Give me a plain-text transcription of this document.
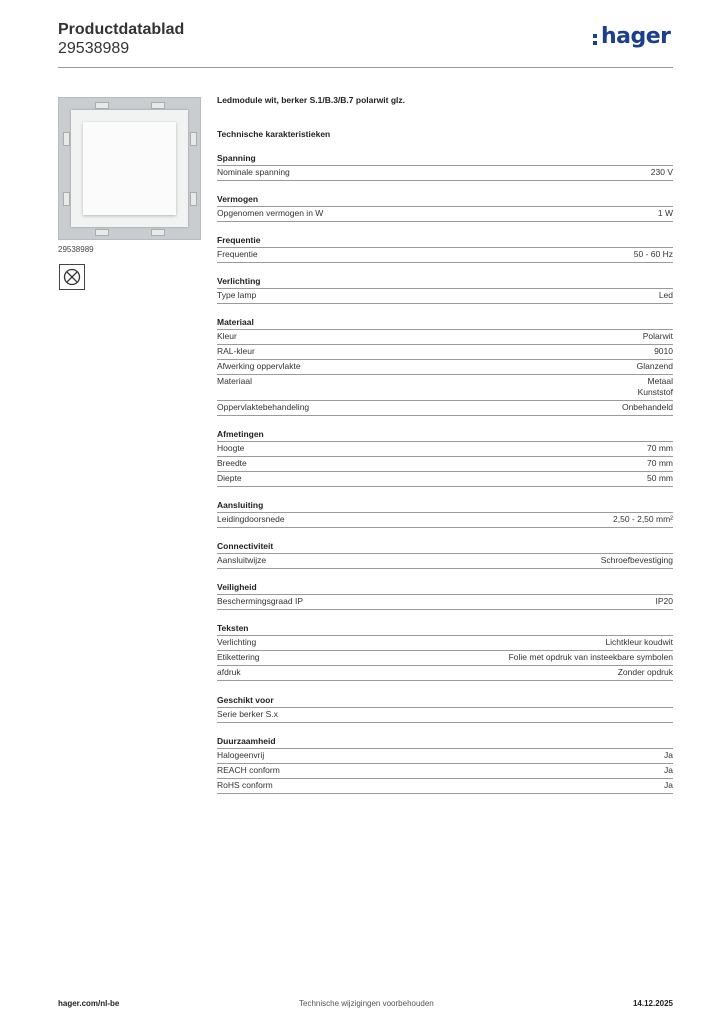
Productdatablad
29538989	hager
29538989
Ledmodule wit, berker S.1/B.3/B.7 polarwit glz.
Technische karakteristieken
Spanning
Nominale spanning	230 V
Vermogen
Opgenomen vermogen in W	1 W
Frequentie
Frequentie	50 - 60 Hz
Verlichting
Type lamp	Led
Materiaal
Kleur	Polarwit
RAL-kleur	9010
Afwerking oppervlakte	Glanzend
Materiaal	Metaal
Kunststof
Oppervlaktebehandeling	Onbehandeld
Afmetingen
Hoogte	70 mm
Breedte	70 mm
Diepte	50 mm
Aansluiting
Leidingdoorsnede	2,50 - 2,50 mm²
Connectiviteit
Aansluitwijze	Schroefbevestiging
Veiligheid
Beschermingsgraad IP	IP20
Teksten
Verlichting	Lichtkleur koudwit
Etikettering	Folie met opdruk van insteekbare symbolen
afdruk	Zonder opdruk
Geschikt voor
Serie berker S.x
Duurzaamheid
Halogeenvrij	Ja
REACH conform	Ja
RoHS conform	Ja
hager.com/nl-be	Technische wijzigingen voorbehouden	14.12.2025
